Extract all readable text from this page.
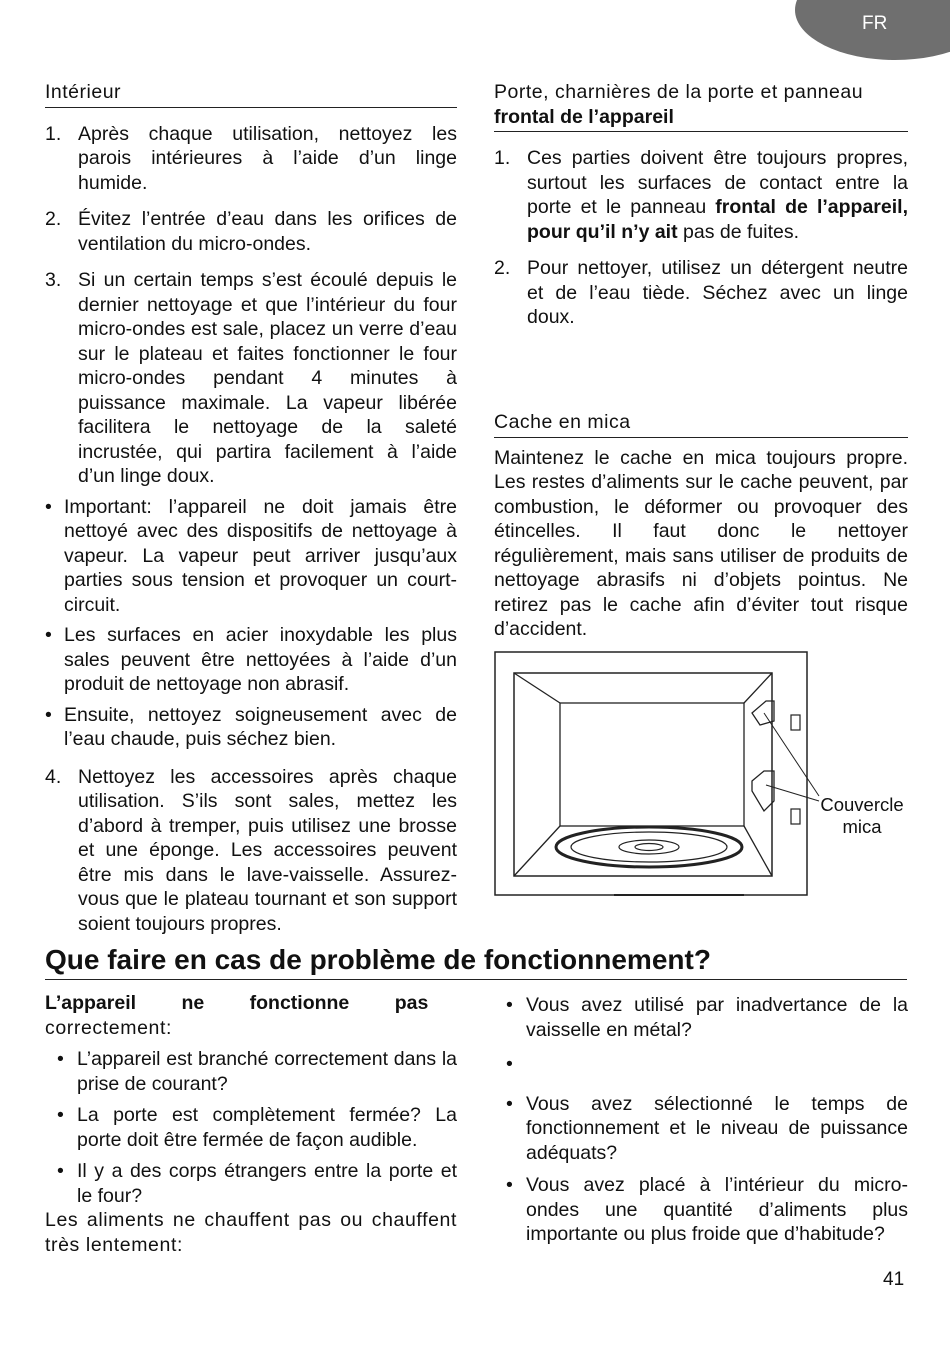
FR
Intérieur
1. Après chaque utilisation, nettoyez les parois intérieures à l’aide d’un linge humide.
2. Évitez l’entrée d’eau dans les orifices de ventilation du micro-ondes.
3. Si un certain temps s’est écoulé depuis le dernier nettoyage et que l’intérieur du four micro-ondes est sale, placez un verre d’eau sur le plateau et faites fonctionner le four micro-ondes pendant 4 minutes à puissance maximale. La vapeur libérée facilitera le nettoyage de la saleté incrustée, qui partira facilement à l’aide d’un linge doux.
• Important: l’appareil ne doit jamais être nettoyé avec des dispositifs de nettoyage à vapeur. La vapeur peut arriver jusqu’aux parties sous tension et provoquer un court-circuit.
• Les surfaces en acier inoxydable les plus sales peuvent être nettoyées à l’aide d’un produit de nettoyage non abrasif.
• Ensuite, nettoyez soigneusement avec de l’eau chaude, puis séchez bien.
4. Nettoyez les accessoires après chaque utilisation. S’ils sont sales, mettez les d’abord à tremper, puis utilisez une brosse et une éponge. Les accessoires peuvent être mis dans le lave-vaisselle. Assurez-vous que le plateau tournant et son support soient toujours propres.
Porte, charnières de la porte et panneau
frontal de l’appareil
1. Ces parties doivent être toujours propres, surtout les surfaces de contact entre la porte et le panneau frontal de l’appareil, pour qu’il n’y ait pas de fuites.
2. Pour nettoyer, utilisez un détergent neutre et de l’eau tiède. Séchez avec un linge doux.
Cache en mica

Maintenez le cache en mica toujours propre. Les restes d’aliments sur le cache peuvent, par combustion, le déformer ou provoquer des étincelles. Il faut donc le nettoyer régulièrement, mais sans utiliser de produits de nettoyage abrasifs ni d’objets pointus. Ne retirez pas le cache afin d’éviter tout risque d’accident.

Couvercle
mica
Que faire en cas de problème de fonctionnement?
L’appareil ne fonctionne pas
correctement:
• L’appareil est branché correctement dans la prise de courant?
• La porte est complètement fermée? La porte doit être fermée de façon audible.
• Il y a des corps étrangers entre la porte et le four?

Les aliments ne chauffent pas ou chauffent très lentement:

• Vous avez utilisé par inadvertance de la vaisselle en métal?
•
• Vous avez sélectionné le temps de fonctionnement et le niveau de puissance adéquats?
• Vous avez placé à l’intérieur du micro-ondes une quantité d’aliments plus importante ou plus froide que d’habitude?
41
